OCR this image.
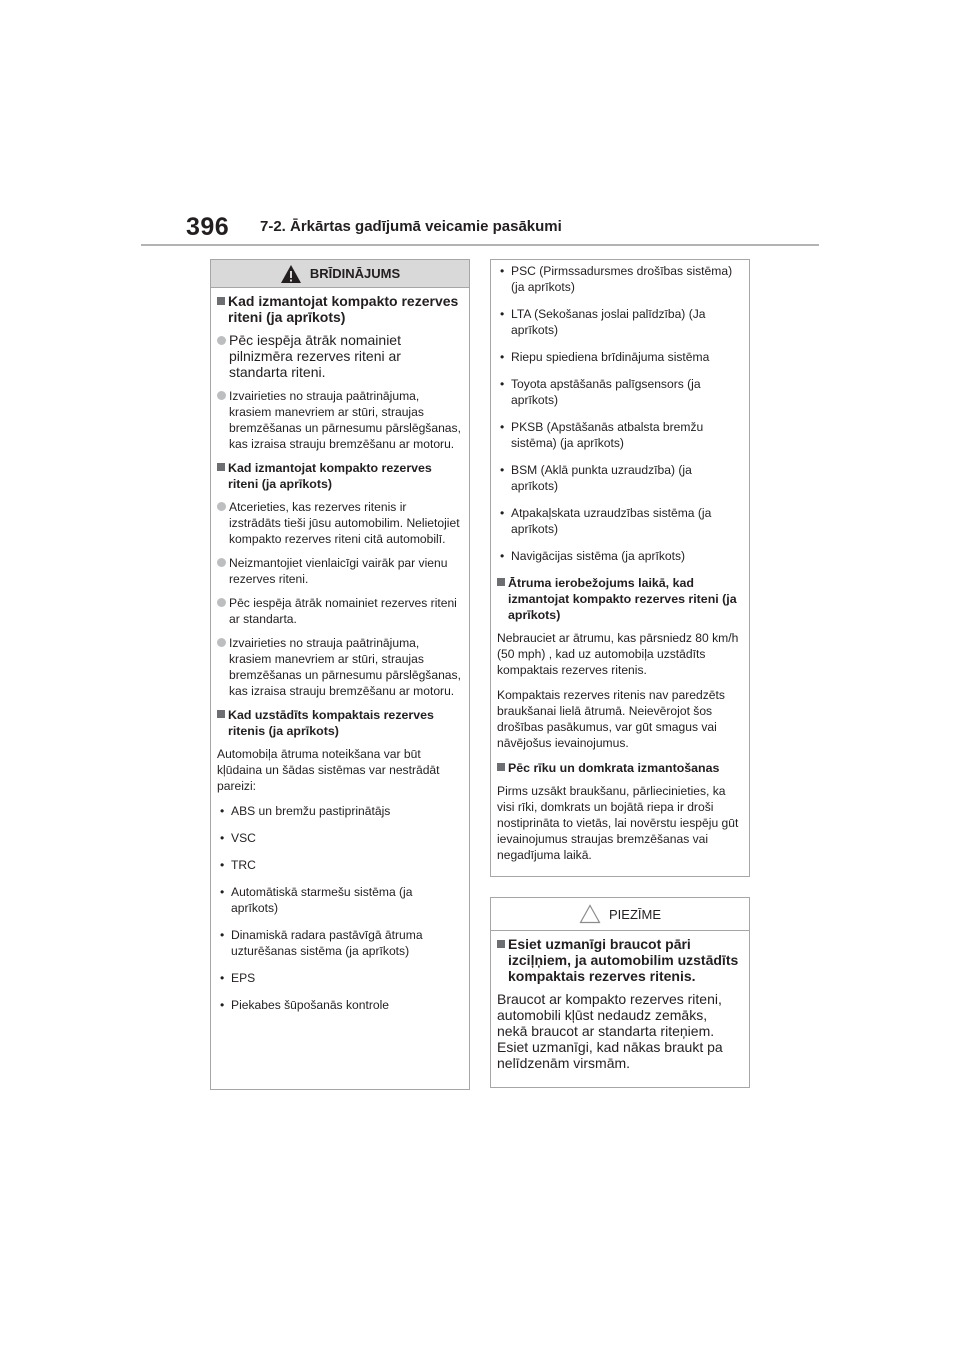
396 7-2. Ārkārtas gadījumā veicamie pasākumi
BRĪDINĀJUMS
Kad izmantojat kompakto rezerves riteni (ja aprīkots)
Pēc iespēja ātrāk nomainiet pilnizmēra rezerves riteni ar standarta riteni.
Izvairieties no strauja paātrinājuma, krasiem manevriem ar stūri, straujas bremzēšanas un pārnesumu pārslēgšanas, kas izraisa strauju bremzēšanu ar motoru.
Kad izmantojat kompakto rezerves riteni (ja aprīkots)
Atcerieties, kas rezerves ritenis ir izstrādāts tieši jūsu automobilim. Nelietojiet kompakto rezerves riteni citā automobilī.
Neizmantojiet vienlaicīgi vairāk par vienu rezerves riteni.
Pēc iespēja ātrāk nomainiet rezerves riteni ar standarta.
Izvairieties no strauja paātrinājuma, krasiem manevriem ar stūri, straujas bremzēšanas un pārnesumu pārslēgšanas, kas izraisa strauju bremzēšanu ar motoru.
Kad uzstādīts kompaktais rezerves ritenis (ja aprīkots)
Automobiļa ātruma noteikšana var būt kļūdaina un šādas sistēmas var nestrādāt pareizi:
• ABS un bremžu pastiprinātājs
• VSC
• TRC
• Automātiskā starmešu sistēma (ja aprīkots)
• Dinamiskā radara pastāvīgā ātruma uzturēšanas sistēma (ja aprīkots)
• EPS
• Piekabes šūpošanās kontrole
• PSC (Pirmssadursmes drošības sistēma) (ja aprīkots)
• LTA (Sekošanas joslai palīdzība) (Ja aprīkots)
• Riepu spiediena brīdinājuma sistēma
• Toyota apstāšanās palīgsensors (ja aprīkots)
• PKSB (Apstāšanās atbalsta bremžu sistēma) (ja aprīkots)
• BSM (Aklā punkta uzraudzība) (ja aprīkots)
• Atpakaļskata uzraudzības sistēma (ja aprīkots)
• Navigācijas sistēma (ja aprīkots)
Ātruma ierobežojums laikā, kad izmantojat kompakto rezerves riteni (ja aprīkots)
Nebrauciet ar ātrumu, kas pārsniedz 80 km/h (50 mph) , kad uz automobiļa uzstādīts kompaktais rezerves ritenis.
Kompaktais rezerves ritenis nav paredzēts braukšanai lielā ātrumā. Neievērojot šos drošības pasākumus, var gūt smagus vai nāvējošus ievainojumus.
Pēc rīku un domkrata izmantošanas
Pirms uzsākt braukšanu, pārliecinieties, ka visi rīki, domkrats un bojātā riepa ir droši nostiprināta to vietās, lai novērstu iespēju gūt ievainojumus straujas bremzēšanas vai negadījuma laikā.
PIEZĪME
Esiet uzmanīgi braucot pāri izciļņiem, ja automobilim uzstādīts kompaktais rezerves ritenis.
Braucot ar kompakto rezerves riteni, automobili kļūst nedaudz zemāks, nekā braucot ar standarta riteņiem. Esiet uzmanīgi, kad nākas braukt pa nelīdzenām virsmām.
